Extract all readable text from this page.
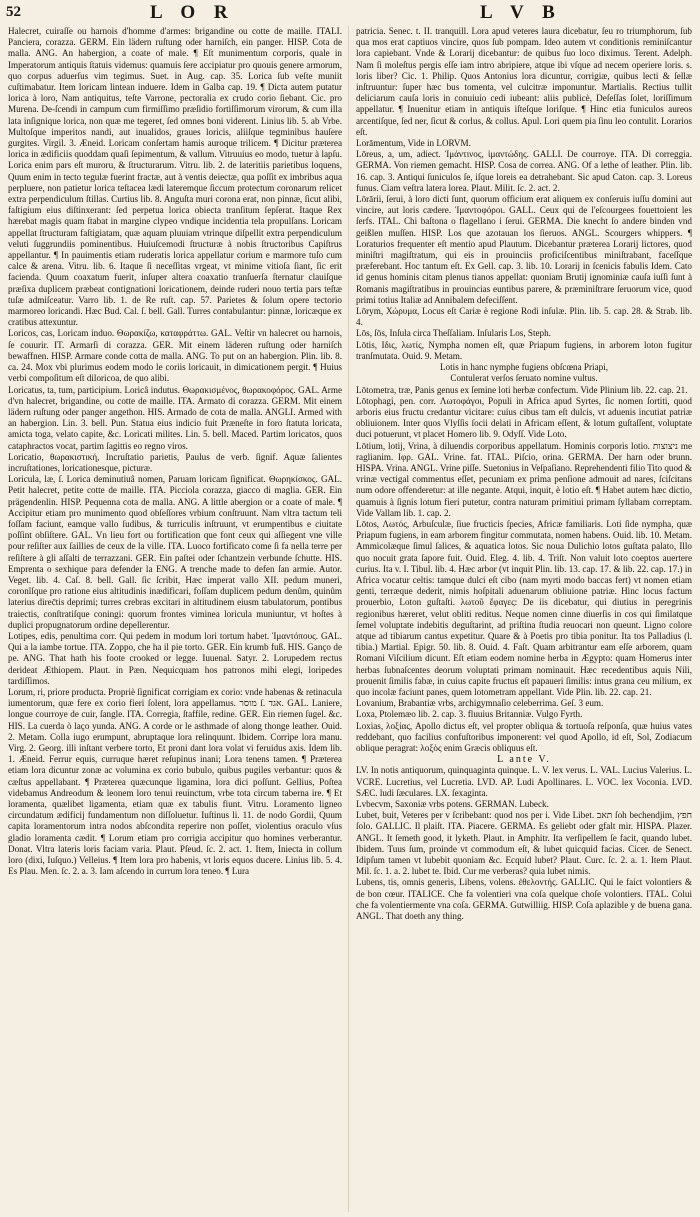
52	L O R	L V B

Halecret, cuiraſſe ou harnois d'homme d'armes: brigandine ou cotte de maille. ITALI. Panciera, corazza. GERM. Ein lädern ruſtung oder harniſch, ein panger. HISP. Cota de malla. ANG. An habergion, a coate of male. ¶ Eſt munimentum corporis, quale in Imperatorum antiquis ſtatuis videmus: quamuis ſere accipiatur pro quouis genere armorum, quo corpus aduerſus vim tegimus. Suet. in Aug. cap. 35. Lorica ſub veſte muniit cuſtimabatur. Item loricam lintean induere. Idem in Galba cap. 19. ¶ Dicta autem putatur lorica à loro, Nam antiquitus, teſte Varrone, pectoralia ex crudo corio ſiebant. Cic. pro Murena. De-ſcendi in campum cum firmiſſimo præſidio fortiſſimorum virorum, & cum illa lata inſignique lorica, non quæ me tegeret, ſed omnes boni viderent. Linius lib. 5. ab Vrbe. Multoſque imperitos nandi, aut inualidos, graues loricis, aliiſque tegminibus hauſere gurgites. Virgil. 3. Æneid. Loricam conſertam hamis auroque trilicem. ¶ Dicitur præterea lorica in ædificiis quoddam quaſi ſepimentum, & vallum. Vitruuius eo modo, tuetur à lapſu. Lorica enim pars eſt muroru, & ſtructurarum. Vitru. lib. 2. de lateritiis parietibus loquens, Quum enim in tecto tegulæ fuerint fractæ, aut à ventis deiectæ, qua poſſit ex imbribus aqua perpluere, non patietur lorica teſtacea lædi lateremque ſiccum protectum coronarum relicet extra perpendiculum ſtillas. Curtius lib. 8. Anguſta muri corona erat, non pinnæ, ſicut alibi, faſtigium eius diſtinxerant: ſed perpetua lorica obiecta tranſitum ſepſerat. Itaque Rex hærebat magis quam ſtabat in margine clypeo vndique incidentia tela propulſans. Loricam appellat ſtructuram faſtigiatam, quæ aquam pluuiam vtrinque diſpellit extra perpendiculum veluti ſuggrundiis pominentibus. Huiuſcemodi ſtructuræ à nobis ſtructoribus Capiſtrus appellantur. ¶ In pauimentis etiam ruderatis lorica appellatur corium e marmore tuſo cum calce & arena. Vitru. lib. 6. Itaque ſi neceſſitas vrgeat, vt minime vitioſa ſiant, ſic erit facienda. Quum coaxatum fuerit, inſuper altera coaxatio tranſuerſa ſternatur clauiſque præſixa duplicem præbeat contignationi loricationem, deinde ruderi nouo tertia pars teſtæ tuſæ admiſceatur. Varro lib. 1. de Re ruſt. cap. 57. Parietes & ſolum opere tectorio marmoreo loricandi. Hæc Bud. Cal. ſ. bell. Gall. Turres contabulantur: pinnæ, loricæque ex cratibus attexuntur.

Loricos, cas, Loricam induo. Θωρακίζω, καταφράττω. GAL. Veſtir vn halecret ou harnois, ſe couurir. IT. Armarſi di corazza. GER. Mit einem läderen ruſtung oder harniſch bewaffnen. HISP. Armare conde cotta de malla. ANG. To put on an habergion. Plin. lib. 8. ca. 24. Mox vbi plurimus eodem modo le coriis loricauit, in dimicationem pergit. ¶ Huius verbi compoſitum eſt diloricoa, de quo alibi.

Loricatus, ta, tum, participium. Loricâ indutus. Θωρακισμένος, θωρακοφόρος. GAL. Arme d'vn halecret, brigandine, ou cotte de maille. ITA. Armato di corazza. GERM. Mit einem lädern ruſtung oder panger angethon. HIS. Armado de cota de malla. ANGLI. Armed with an habergion. Lin. 3. bell. Pun. Statua eius indicio fuit Præneſte in foro ſtatuta loricata, amicta toga, velato capite, &c. Loricati milites. Lin. 5. bell. Maced. Partim loricatos, quos cataphractos vocat, partim ſagittis eo regno viros.

Loricatio, θωρακιστική, Incruſtatio parietis, Paulus de verb. ſignif. Aquæ ſalientes incruſtationes, loricationesque, picturæ.

Loricula, læ, ſ. Lorica deminutiuâ nomen, Paruam loricam ſignificat. Θωρηκίσκος. GAL. Petit halecret, petite cotte de maille. ITA. Picciola corazza, giacco di maglia. GER. Ein prägendenlin. HISP. Pequenna cota de malla. ANG. A little abergion or a coate of male. ¶ Accipitur etiam pro munimento quod obſeſſores vrbium conſtruunt. Nam vltra tactum teli foſſam faciunt, eamque vallo ſudibus, & turriculis inſtruunt, vt erumpentibus e ciuitate poſſint obſiſtere. GAL. Vn lieu fort ou fortification que font ceux qui aſſiegent vne ville pour reſiſter aux ſaillies de ceux de la ville. ITA. Luoco fortificato come ſi fa nella terre per reſiſtere à gli aſſalti de terrazzani. GER. Ein paſtei oder ſchantzein verbunde ſchutte. HIS. Emprenta o sexhique para defender la ENG. A trenche made to defen ſan armie. Autor. Veget. lib. 4. Caſ. 8. bell. Gall. ſic ſcribit, Hæc imperat vallo XII. pedum muneri, coronîſque pro ratione eius altitudinis inædificari, foſſam duplicem pedum denûm, quinûm laterius direc̄tis deprimi; turres crebras excitari in altitudinem eiusm tabulatorum, pontibus traiectis, conſtratiſque coningi: quorum frontes viminea loricula muniuntur, vt hoſtes à duplici propugnatorum ordine depellerentur.

Lotipes, edis, penultima corr. Qui pedem in modum lori tortum habet. Ἱμαντόπους. GAL. Qui a la iambe tortue. ITA. Zoppo, che ha il pie torto. GER. Ein krumb fuß. HIS. Ganço de pe. ANG. That hath his foote crooked or legge. Iuuenal. Satyr. 2. Lorupedem rectus derideat Æthiopem. Plaut. in Pæn. Nequicquam hos patronos mihi elegi, loripedes tardiſſimos.

Lorum, ri, priore producta. Propriè ſignificat corrigiam ex corio: vnde habenas & retinacula iumentorum, quæ fere ex corio fieri ſolent, lora appellamus. מוסר ſ. אגד. GAL. Laniere, longue courroye de cuir, ſangle. ITA. Corregia, ſtaffile, redine. GER. Ein riemen ſugel. &c. HIS. La cuerda ò laço yunda. ANG. A corde or le asthmade of along thonge leather. Ouid. 2. Metam. Colla iugo erumpunt, abruptaque lora relinquunt. Ibidem. Corripe lora manu. Virg. 2. Georg. illi inſtant verbere torto, Et proni dant lora volat vi feruidus axis. Idem lib. 1. Æneid. Ferrur equis, curruque hæret reſupinus inani; Lora tenens tamen. ¶ Præterea etiam lora dicuntur zonæ ac volumina ex corio bubulo, quibus pugiles verbantur: quos & cæſtus appellabant. ¶ Præterea quæcunque ligamina, lora dici poſſunt. Gellius, Poſtea videbamus Andreodum & leonem loro tenui reuinctum, vrbe tota circum taberna ire. ¶ Et loramenta, quælibet ligamenta, etiam quæ ex tabulis fiunt. Vitru. Loramento ligneo circundatum ædificij fundamentum non diſſoluetur. Iuſtinus li. 11. de nodo Gordii, Quum capita loramentorum intra nodos abſcondita reperire non poſſet, violentius oraculo vſus gladio loramenta cædit. ¶ Lorum etiam pro corrigia accipitur quo homines verberantur. Donat. Vltra lateris loris faciam varia. Plaut. Pſeud. ſc. 2. act. 1. Item, Iniecta in collum loro (dixi, Iuſquo.) Velleius. ¶ Item lora pro habenis, vt loris equos ducere. Linius lib. 5. 4. Es Plau. Men. ſc. 2. a. 3. Iam aſcendo in currum lora teneo. ¶ Lura

patricia. Senec. t. II. tranquill. Lora apud veteres laura dicebatur, ſeu ro triumphorum, ſub qua mos erat captiuos vincire, quos ſub pompam. Ideo autem vt conditionis reminiſcantur lora capiebant. Vnde & Lorarij dicebantur: de quibus ſuo loco diximus. Terent. Adelph. Nam ſi moleſtus pergis eſſe iam intro abripiere, atque ibi vſque ad necem operiere loris. s. loris liber? Cic. 1. Philip. Quos Antonius lora dicuntur, corrigiæ, quibus lecti & ſellæ inſtruuntur: ſuper hæc bus tomenta, vel culcitræ imponuntur. Martialis. Rectius tullit deliciarum cauſa loris in conuiuio cedi iubeant: aliis publicè, Deſeſſas ſolet, loriſſimum appellatur. ¶ Inuenitur etiam in antiquis iſteſque loriſque. ¶ Hinc etia funiculos aureos arcentiſque, ſed ner, ſicut & corlus, & collus. Apul. Lori quem pia ſinu leo contulit. Lorarios eſt.

Lorāmentum, Vide in LORVM.

Lōreus, a, um, adiect. Ἱμάντινος, ἱμαντώδης. GALLI. De courroye. ITA. Di correggia. GERMA. Von riemen gemacht. HISP. Cosa de correa. ANG. Of a lethe of leather. Plin. lib. 16. cap. 3. Antiqui ſuniculos ſe, iſque loreis ea detrahebant. Sic apud Caton. cap. 3. Loreus funus. Ciam veſtra latera lorea. Plaut. Milit. ſc. 2. act. 2.

Lōrārii, ſerui, à loro dicti ſunt, quorum officium erat aliquem ex conſeruis iuſſu domini aut vincire, aut loris cædere. Ἱμαντοφόροι. GALL. Ceux qui de l'eſcourgees fouettoient les ſerfs. ITAL. Chi baſtona o flagellano i ſerui. GERMA. Die knecht ſo andere binden vnd geißlen muſſen. HISP. Los que azotauan los ſieruos. ANGL. Scourgers whippers. ¶ Loraturios frequenter eſt mentio apud Plautum. Dicebantur præterea Lorarij lictores, quod miniſtri magiſtratum, qui eis in prouinciis proficiſcentibus miniſtrabant, faceſſque præferebant. Hoc tantum eſt. Ex Gell. cap. 3. lib. 10. Lorarij in ſcenicis fabulis Idem. Cato id genus hominis citam plenus tianos appellat: quoniam Brutij ignominiæ cauſa iuſſi ſunt à Romanis magiſtratibus in prouincias euntibus parere, & præminiſtrare ſeruorum vice, quod primi totius Italiæ ad Annibalem defeciſſent.

Lōrym, Χώρυμα, Locus eſt Cariæ è regione Rodi inſulæ. Plin. lib. 5. cap. 28. & Strab. lib. 4.

Lōs, ſōs, Inſula circa Theſſaliam. Inſularis Los, Steph.

Lōtis, Ιδις, λωτίς, Nympha nomen eſt, quæ Priapum fugiens, in arborem loton fugitur tranſmutata. Ouid. 9. Metam.

Lotis in hanc nymphe fugiens obſcœna Priapi,

Contulerat verſos ſeruato nomine vultus.

Lōtometra, træ, Panis genus ex ſemine loti herbæ confectum. Vide Plinium lib. 22. cap. 21.

Lōtophagi, pen. corr. Λωτοφάγοι, Populi in Africa apud Syrtes, ſic nomen ſortiti, quod arboris eius fructu credantur vicitare: cuius cibus tam eſt dulcis, vt aduenis incutiat patriæ obliuionem. Inter quos Vlyſſis ſocii delati in Africam eſſent, & lotum guſtaſſent, voluptate duci potuerunt, vt placet Homero lib. 9. Odyſſ. Vide Loto.

Lōtium, lotij, Vrina, à diluendis corporibus appellatum. Hominis corporis lotio. ניצוצות me raglianim. Ιφρ. GAL. Vrine. fat. ITAL. Piſcio, orina. GERMA. Der harn oder brunn. HISPA. Vrina. ANGL. Vrine piſſe. Suetonius in Veſpaſiano. Reprehendenti filio Tito quod & vrinæ vectigal commentus eſſet, pecuniam ex prima penſione admouit ad nares, ſciſcitans num odore offenderetur: at ille negante. Atqui, inquit, è lotio eſt. ¶ Habet autem hæc dictio, quamuis à ſignis lotum fieri putetur, contra naturam primitiui primam ſyllabam correptam. Vide Vallam lib. 1. cap. 2.

Lōtos, Λωτός, Arbuſculæ, ſiue fructicis ſpecies, Africæ familiaris. Loti ſide nympha, quæ Priapum fugiens, in eam arborem fingitur commutata, nomen habens. Ouid. lib. 10. Metam. Ammicolæque ſimul ſalices, & aquatica lotos. Sic noua Dulichio lotos guſtata palato, Illo quo nocuit grata ſapore fuit. Ouid. Eleg. 4. lib. 4. Triſt. Non valuit loto coeptos auertere curius. Ita v. I. Tibul. lib. 4. Hæc arbor (vt inquit Plin. lib. 13. cap. 17. & lib. 22. cap. 17.) in Africa vocatur celtis: tamque dulci eſt cibo (nam myrti modo baccas fert) vt nomen etiam genti, terræque dederit, nimis hoſpitali aduenarum obliuione patriæ. Hinc locus factum prouerbio, Loton guſtaſti. λωτοῦ ἔφαγες: De iis dicebatur, qui diutius in peregrinis regionibus hæreret, velut obliti reditus. Neque nomen cinne diuerſis in cos qui ſimilatque ſemel voluptate indebitis deguſtarint, ad priſtina ſtudia reuocari non queunt. Ligno colore atque ad tibiarum cantus expetitur. Quare & à Poetis pro tibia ponitur. Ita tos Palladius (l. tibia.) Martial. Epigr. 50. lib. 8. Ouid. 4. Faſt. Quam arbitrantur eam eſſe arborem, quam Romani Viſcilium dicunt. Eſt etiam eodem nomine herba in Ægypto: quam Homerus inter herbas ſubnaſcentes deorum voluptati primam nominauit. Hæc recedentibus aquis Nili, prouenit ſimilis fabæ, in cuius capite fructus eſt papaueri ſimilis: intus grana ceu milium, ex quo incolæ faciunt panes, quem lotometram appellant. Vide Plin. lib. 22. cap. 21.

Lovanium, Brabantiæ vrbs, archigymnaſio celeberrima. Geſ. 3 eum.

Loxa, Ptolemæo lib. 2. cap. 3. fluuius Britanniæ. Vulgo Fyrth.

Loxias, λοξίας, Apollo dictus eſt, vel propter obliqua & tortuoſa reſponſa, quæ huius vates reddebant, quo facilius confuſtoribus imponerent: vel quod Apollo, id eſt, Sol, Zodiacum oblique peragrat: λοξὸς enim Græcis obliquus eſt.

L ante V.

LV. In notis antiquorum, quinquaginta quinque. L. V. lex verus. L. VAL. Lucius Valerius. L. VCRE. Lucretius, vel Lucretia. LVD. AP. Ludi Apollinares. L. VOC. lex Voconia. LVD. SÆC. ludi ſæculares. LX. ſexaginta.

Lvbecvm, Saxoniæ vrbs potens. GERMAN. Lubeck.

Lubet, buit, Veteres per v ſcribebant: quod nos per i. Vide Libet. תאב ſoh bechendjim, חפץ ſolo. GALLIC. Il plaiſt. ITA. Piacere. GERMA. Es geliebt oder gfalt mir. HISPA. Plazer. ANGL. It ſemeth good, it lyketh. Plaut. in Amphitr. Ita verſipellem ſe facit, quando lubet. Ibidem. Tuus ſum, proinde vt commodum eſt, & lubet quicquid facias. Cicer. de Senect. Idipſum tamen vt lubebit quoniam &c. Ecquid lubet? Plaut. Curc. ſc. 2. a. 1. Item Plaut. Mil. ſc. 1. a. 2. lubet te. Ibid. Cur me verberas? quia lubet nimis.

Lubens, tis, omnis generis, Libens, volens. ἐθελοντής. GALLIC. Qui le faict volontiers & de bon cœur. ITALICE. Che fa volentieri vna coſa quelque choſe volontiers. ITAL. Colui che fa volentiermente vna coſa. GERMA. Gutwilliig. HISP. Coſa aplazible y de buena gana. ANGL. That doeth any thing.
